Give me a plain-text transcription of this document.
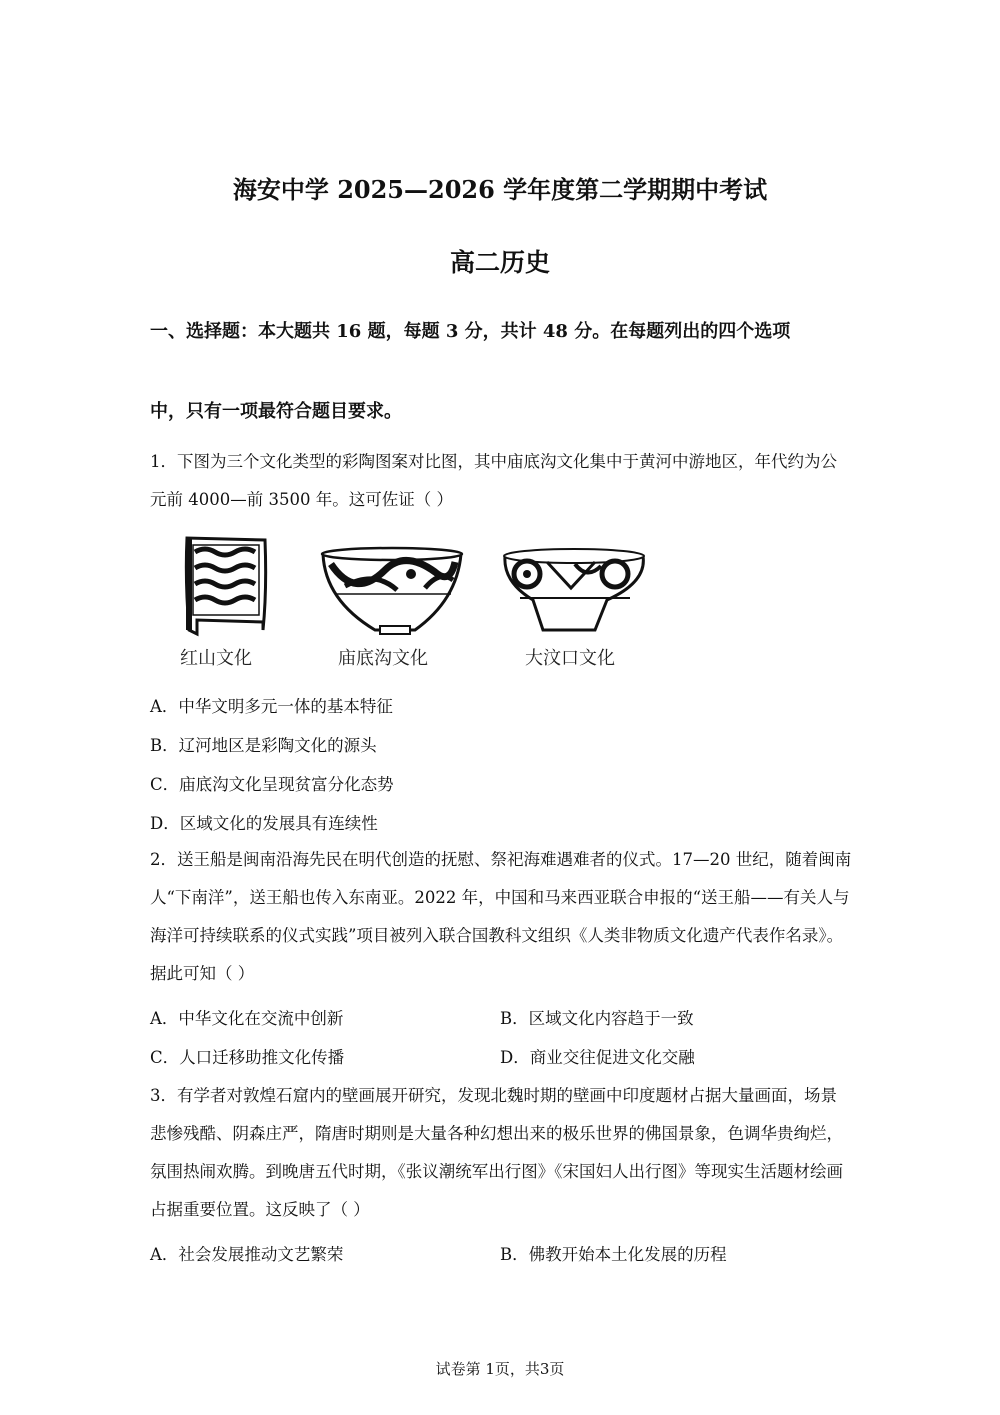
海安中学 2025—2026 学年度第二学期期中考试
高二历史
一、选择题：本大题共 16 题，每题 3 分，共计 48 分。在每题列出的四个选项
中，只有一项最符合题目要求。
1．下图为三个文化类型的彩陶图案对比图，其中庙底沟文化集中于黄河中游地区，年代约为公元前 4000—前 3500 年。这可佐证（ ）
红山文化	庙底沟文化	大汶口文化
A．中华文明多元一体的基本特征
B．辽河地区是彩陶文化的源头
C．庙底沟文化呈现贫富分化态势
D．区域文化的发展具有连续性
2．送王船是闽南沿海先民在明代创造的抚慰、祭祀海难遇难者的仪式。17—20 世纪，随着闽南人“下南洋”，送王船也传入东南亚。2022 年，中国和马来西亚联合申报的“送王船——有关人与海洋可持续联系的仪式实践”项目被列入联合国教科文组织《人类非物质文化遗产代表作名录》。据此可知（ ）
A．中华文化在交流中创新	B．区域文化内容趋于一致
C．人口迁移助推文化传播	D．商业交往促进文化交融
3．有学者对敦煌石窟内的壁画展开研究，发现北魏时期的壁画中印度题材占据大量画面，场景悲惨残酷、阴森庄严，隋唐时期则是大量各种幻想出来的极乐世界的佛国景象，色调华贵绚烂，氛围热闹欢腾。到晚唐五代时期，《张议潮统军出行图》《宋国妇人出行图》等现实生活题材绘画占据重要位置。这反映了（ ）
A．社会发展推动文艺繁荣	B．佛教开始本土化发展的历程
试卷第 1页，共3页
